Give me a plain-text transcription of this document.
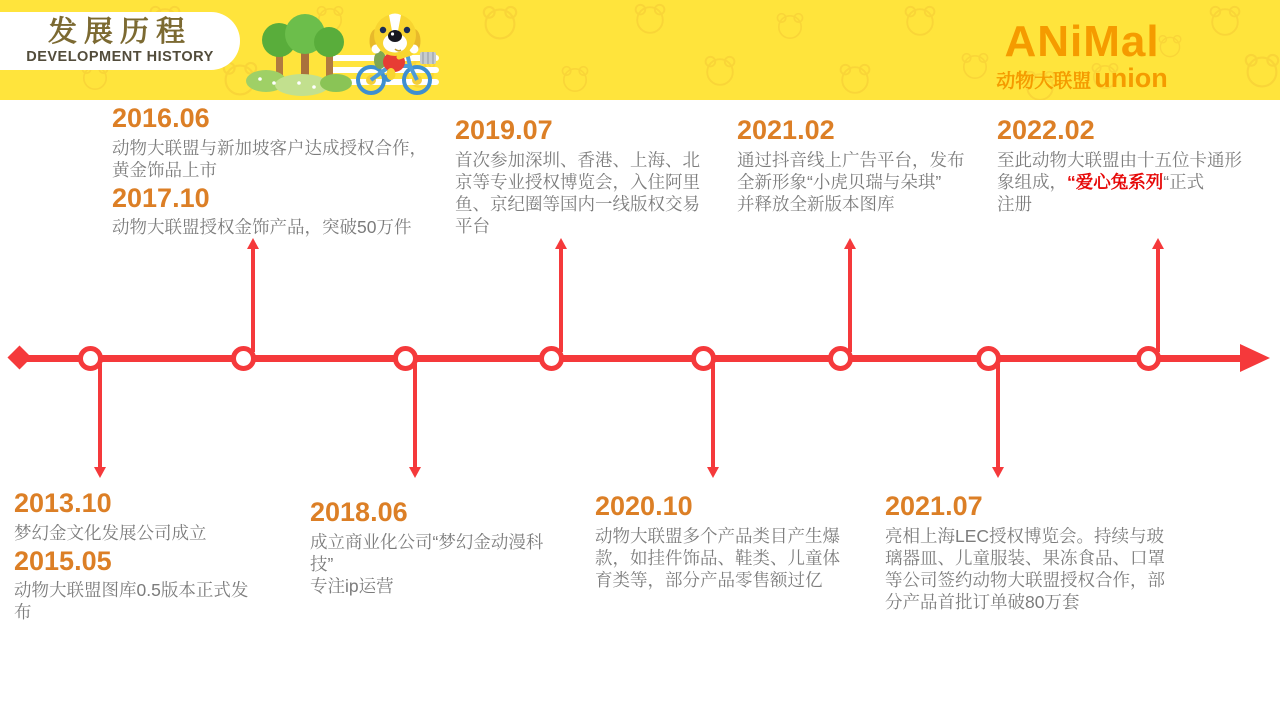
发展历程
DEVELOPMENT HISTORY	ANiMal
动物大联盟 union
2016.06
动物大联盟与新加坡客户达成授权合作，
黄金饰品上市
2017.10
动物大联盟授权金饰产品，突破50万件
2019.07
首次参加深圳、香港、上海、北
京等专业授权博览会，入住阿里
鱼、京纪圈等国内一线版权交易
平台
2021.02
通过抖音线上广告平台，发布
全新形象“小虎贝瑞与朵琪”
并释放全新版本图库
2022.02
至此动物大联盟由十五位卡通形
象组成，“爱心兔系列“正式
注册
2013.10
梦幻金文化发展公司成立
2015.05
动物大联盟图库0.5版本正式发
布
2018.06
成立商业化公司“梦幻金动漫科
技”
专注ip运营
2020.10
动物大联盟多个产品类目产生爆
款，如挂件饰品、鞋类、儿童体
育类等，部分产品零售额过亿
2021.07
亮相上海LEC授权博览会。持续与玻
璃器皿、儿童服装、果冻食品、口罩
等公司签约动物大联盟授权合作，部
分产品首批订单破80万套
